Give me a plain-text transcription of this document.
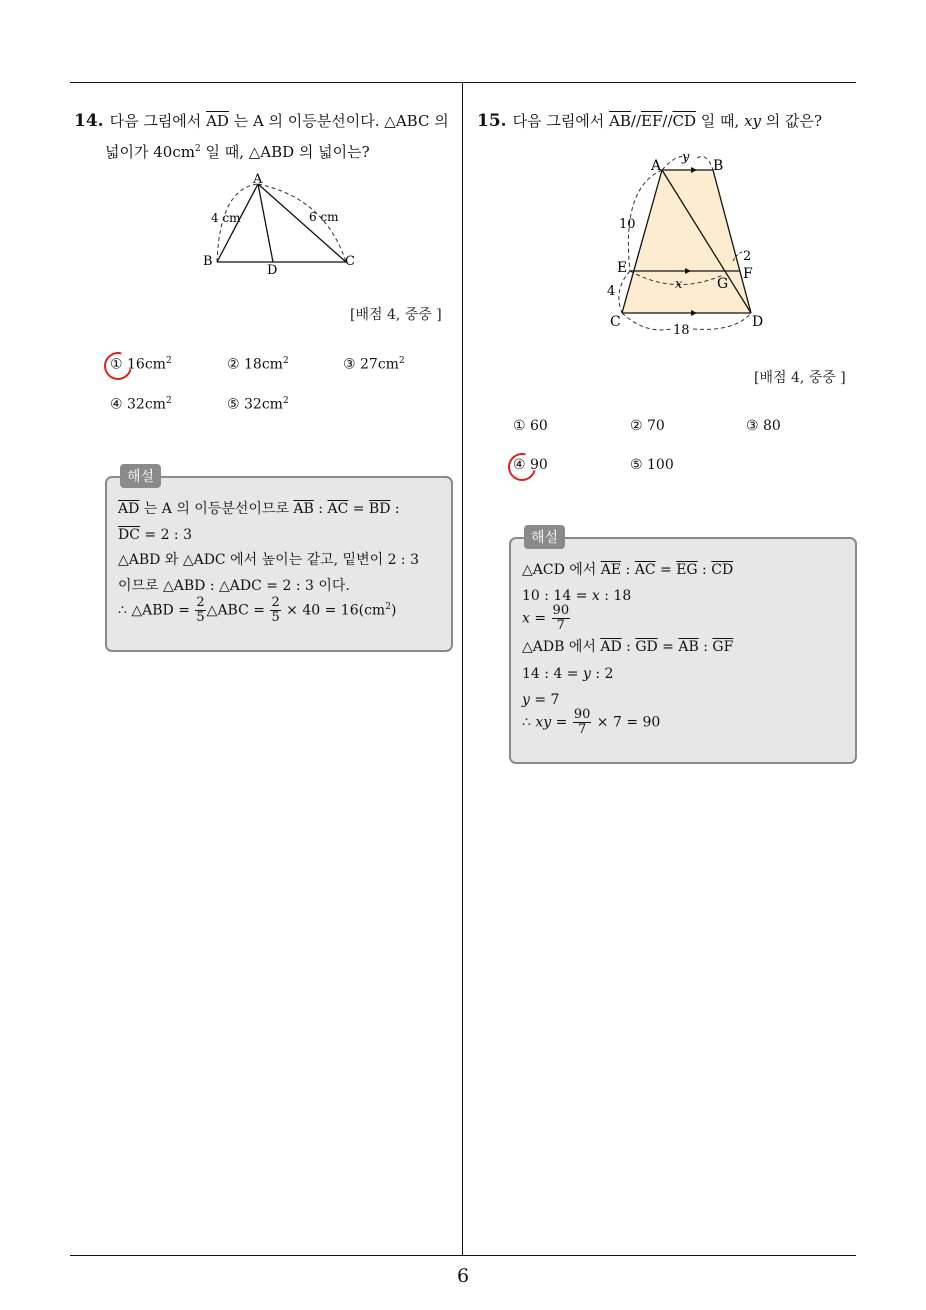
6
14. 다음 그림에서 $\overline{AD}$ 는 A 의 이등분선이다. △ABC 의
넓이가 $40cm^2$ 일 때, △ABD 의 넓이는?
A
B	C
D
4 cm	6 cm
[배점 4, 중중 ]
① $16cm^2$	② $18cm^2$	③ $27cm^2$
④ $32cm^2$	⑤ $32cm^2$
해설
$\overline{AD}$ 는 A 의 이등분선이므로 $\overline{AB}$ : $\overline{AC} = \overline{BD}$ :
$\overline{DC} = 2$ : 3
△ABD 와 △ADC 에서 높이는 같고, 밑변이 2 : 3
이므로 △ABD : △ADC = 2 : 3 이다.
∴ △ABD = $\frac{2}{5}$ △ABC = $\frac{2}{5} \times 40 = 16(cm^2)$
15. 다음 그림에서 $\overline{AB}//\overline{EF}//\overline{CD}$ 일 때, xy 의 값은?
A	B
C	D
E	F
G
y
x
10
4
2
18
[배점 4, 중중 ]
① 60	② 70	③ 80
④ 90	⑤ 100
해설
△ACD 에서 $\overline{AE}$ : $\overline{AC} = \overline{EG}$ : $\overline{CD}$
10 : 14 = x : 18
$x = \frac{90}{7}$
△ADB 에서 $\overline{AD}$ : $\overline{GD} = \overline{AB}$ : $\overline{GF}$
14 : 4 = y : 2
y = 7
∴ xy = $\frac{90}{7} \times 7 = 90$
